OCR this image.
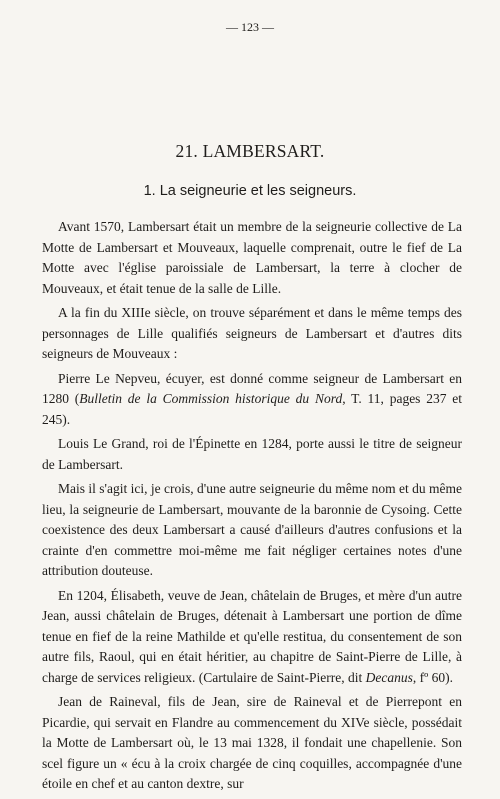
— 123 —
21. LAMBERSART.
1. La seigneurie et les seigneurs.

Avant 1570, Lambersart était un membre de la seigneurie collective de La Motte de Lambersart et Mouveaux, laquelle comprenait, outre le fief de La Motte avec l'église paroissiale de Lambersart, la terre à clocher de Mouveaux, et était tenue de la salle de Lille.

A la fin du XIIIe siècle, on trouve séparément et dans le même temps des personnages de Lille qualifiés seigneurs de Lambersart et d'autres dits seigneurs de Mouveaux :

Pierre Le Nepveu, écuyer, est donné comme seigneur de Lambersart en 1280 (Bulletin de la Commission historique du Nord, T. 11, pages 237 et 245).

Louis Le Grand, roi de l'Épinette en 1284, porte aussi le titre de seigneur de Lambersart.

Mais il s'agit ici, je crois, d'une autre seigneurie du même nom et du même lieu, la seigneurie de Lambersart, mouvante de la baronnie de Cysoing. Cette coexistence des deux Lambersart a causé d'ailleurs d'autres confusions et la crainte d'en commettre moi-même me fait négliger certaines notes d'une attribution douteuse.

En 1204, Élisabeth, veuve de Jean, châtelain de Bruges, et mère d'un autre Jean, aussi châtelain de Bruges, détenait à Lambersart une portion de dîme tenue en fief de la reine Mathilde et qu'elle restitua, du consentement de son autre fils, Raoul, qui en était héritier, au chapitre de Saint-Pierre de Lille, à charge de services religieux. (Cartulaire de Saint-Pierre, dit Decanus, fº 60).

Jean de Raineval, fils de Jean, sire de Raineval et de Pierrepont en Picardie, qui servait en Flandre au commencement du XIVe siècle, possédait la Motte de Lambersart où, le 13 mai 1328, il fondait une chapellenie. Son scel figure un « écu à la croix chargée de cinq coquilles, accompagnée d'une étoile en chef et au canton dextre, sur
